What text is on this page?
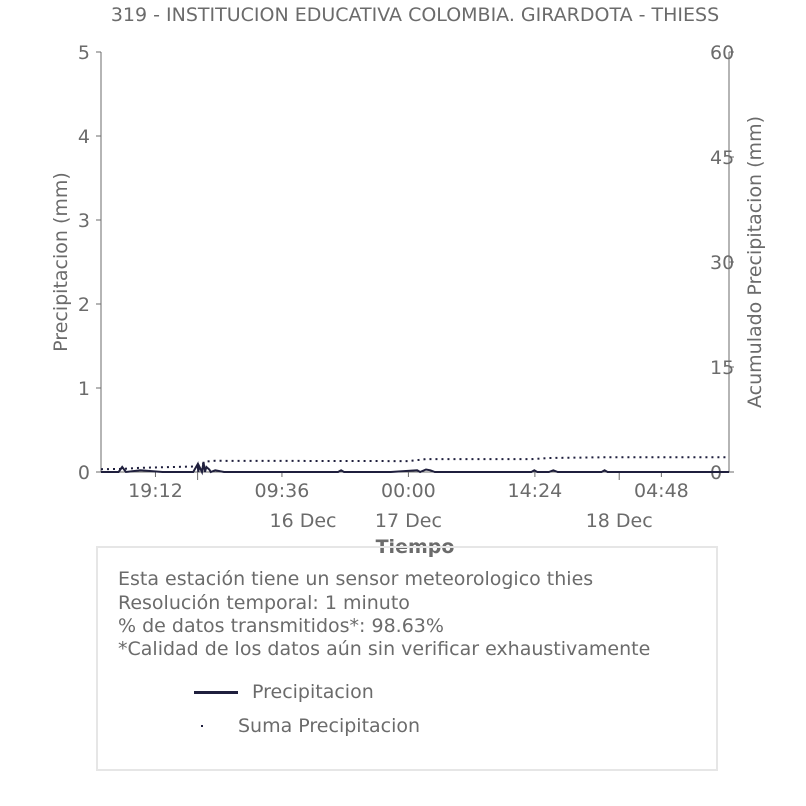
319 - INSTITUCION EDUCATIVA COLOMBIA. GIRARDOTA - THIESS
Precipitacion (mm)	Acumulado Precipitacion (mm)
Tiempo
0
1
2
3
4
5
0
15
30
45
60
19:12	09:36	00:00	14:24	04:48
16 Dec 17 Dec	18 Dec
Esta estación tiene un sensor meteorologico thies
Resolución temporal: 1 minuto
% de datos transmitidos*: 98.63%
*Calidad de los datos aún sin verificar exhaustivamente
Precipitacion
Suma Precipitacion
